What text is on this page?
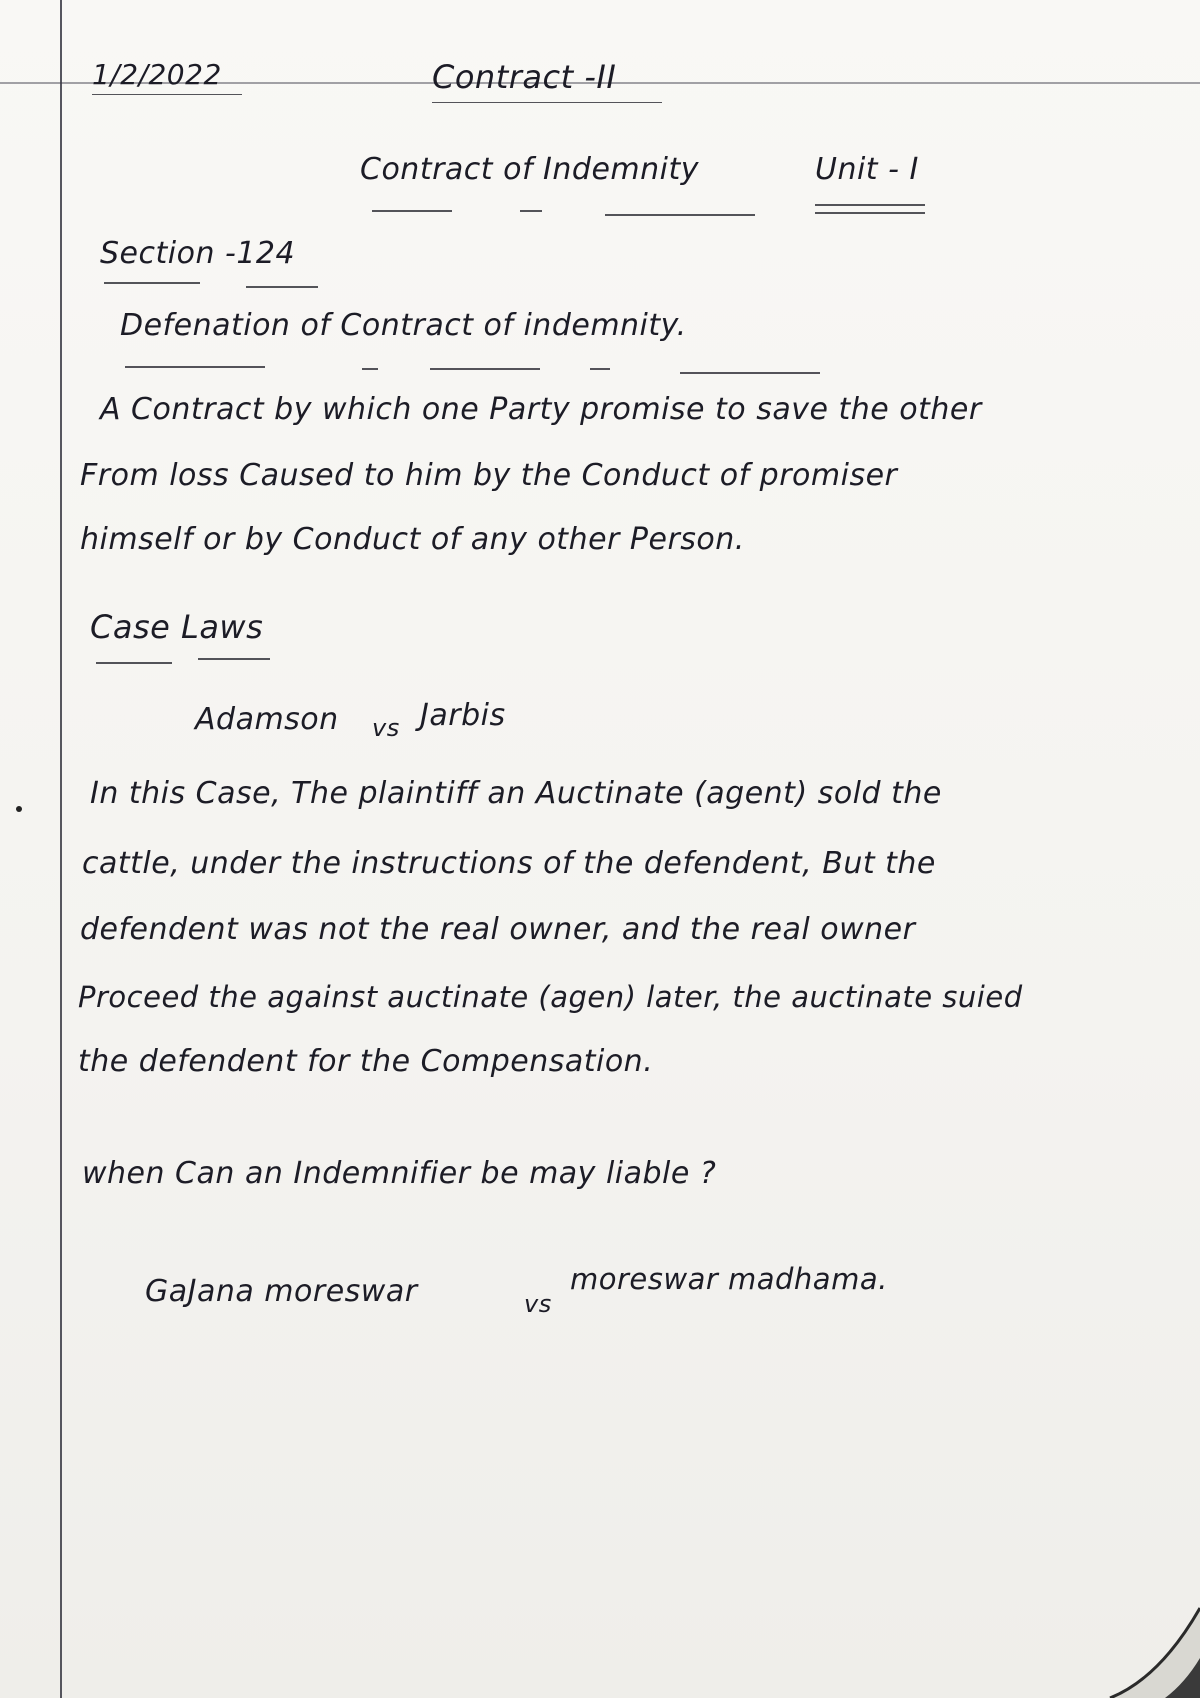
1/2/2022	Contract -II
Contract of Indemnity	Unit - I
Section -124
Defenation of Contract of indemnity.
A Contract by which one Party promise to save the other
From loss Caused to him by the Conduct of promiser
himself or by Conduct of any other Person.
Case Laws
Adamson vs Jarbis
In this Case, The plaintiff an Auctinate (agent) sold the
cattle, under the instructions of the defendent, But the
defendent was not the real owner, and the real owner
Proceed the against auctinate (agen) later, the auctinate suied
the defendent for the Compensation.
when Can an Indemnifier be may liable ?
GaJana moreswar	vs
moreswar madhama.
